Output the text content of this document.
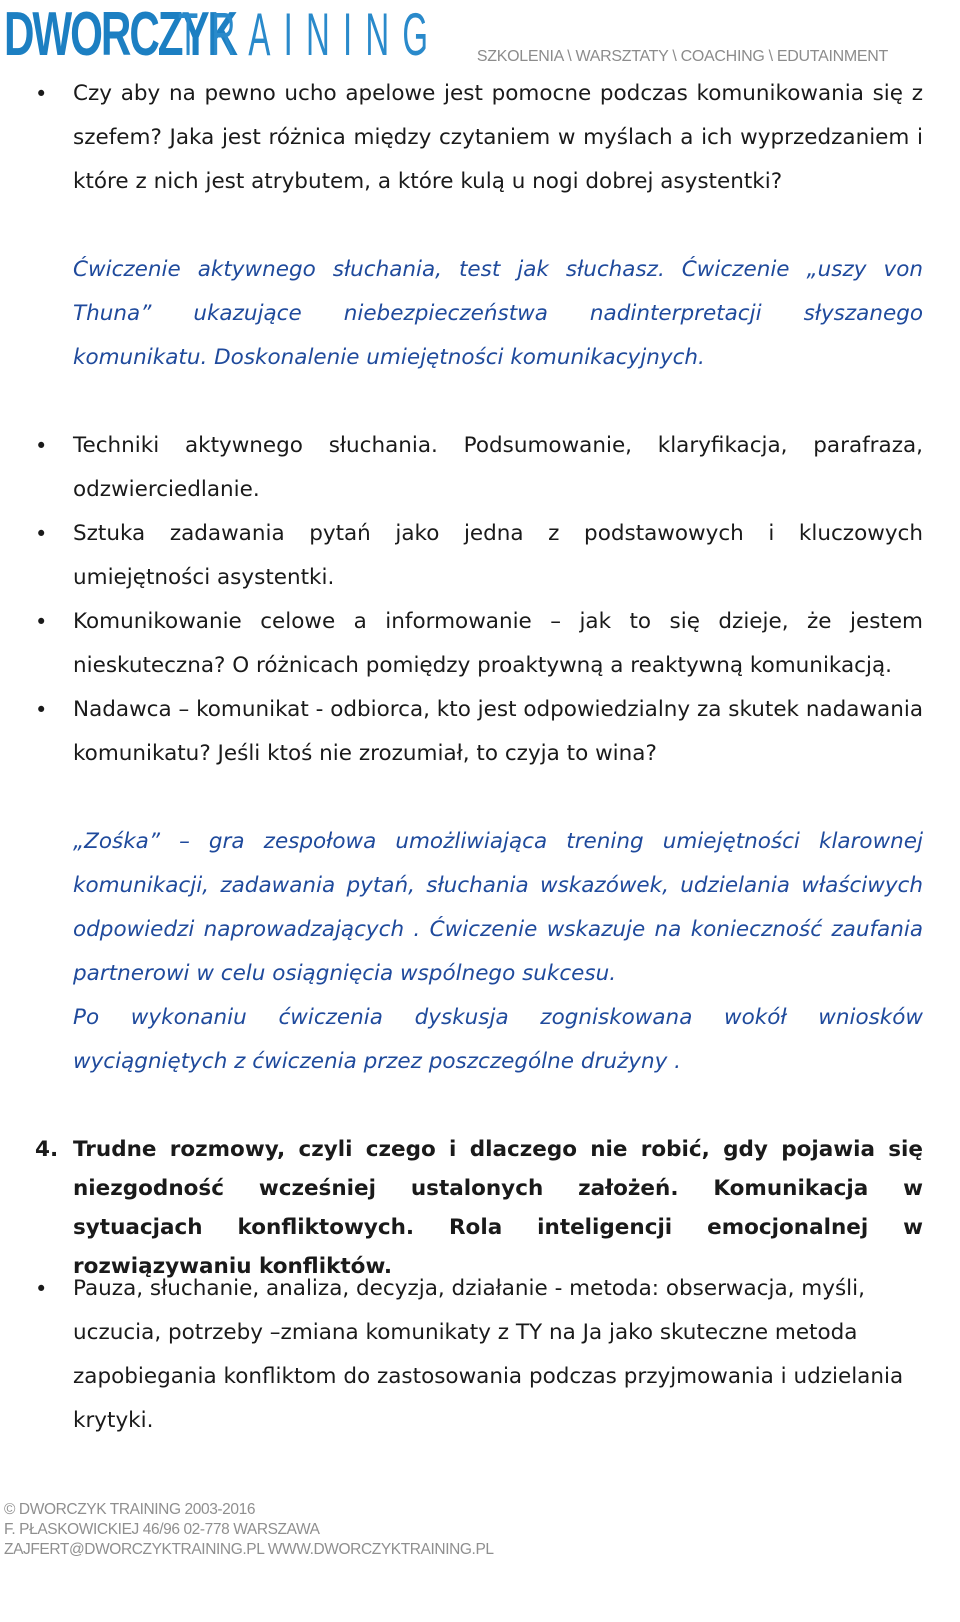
DWORCZYK
TRAINING SZKOLENIA \ WARSZTATY \ COACHING \ EDUTAINMENT
• Czy aby na pewno ucho apelowe jest pomocne podczas komunikowania się z szefem? Jaka jest różnica między czytaniem w myślach a ich wyprzedzaniem i które z nich jest atrybutem, a które kulą u nogi dobrej asystentki?
Ćwiczenie aktywnego słuchania, test jak słuchasz. Ćwiczenie „uszy von Thuna” ukazujące niebezpieczeństwa nadinterpretacji słyszanego komunikatu. Doskonalenie umiejętności komunikacyjnych.
• Techniki aktywnego słuchania. Podsumowanie, klaryfikacja, parafraza, odzwierciedlanie.
• Sztuka zadawania pytań jako jedna z podstawowych i kluczowych umiejętności asystentki.
• Komunikowanie celowe a informowanie – jak to się dzieje, że jestem nieskuteczna? O różnicach pomiędzy proaktywną a reaktywną komunikacją.
• Nadawca – komunikat - odbiorca, kto jest odpowiedzialny za skutek nadawania komunikatu? Jeśli ktoś nie zrozumiał, to czyja to wina?
„Zośka” – gra zespołowa umożliwiająca trening umiejętności klarownej komunikacji, zadawania pytań, słuchania wskazówek, udzielania właściwych odpowiedzi naprowadzających . Ćwiczenie wskazuje na konieczność zaufania partnerowi w celu osiągnięcia wspólnego sukcesu.
Po wykonaniu ćwiczenia dyskusja zogniskowana wokół wniosków wyciągniętych z ćwiczenia przez poszczególne drużyny .
4. Trudne rozmowy, czyli czego i dlaczego nie robić, gdy pojawia się niezgodność wcześniej ustalonych założeń. Komunikacja w sytuacjach konfliktowych. Rola inteligencji emocjonalnej w rozwiązywaniu konfliktów.
• Pauza, słuchanie, analiza, decyzja, działanie - metoda: obserwacja, myśli, uczucia, potrzeby –zmiana komunikaty z TY na Ja jako skuteczne metoda zapobiegania konfliktom do zastosowania podczas przyjmowania i udzielania krytyki.
© DWORCZYK TRAINING 2003-2016
F. PŁASKOWICKIEJ 46/96 02-778 WARSZAWA
ZAJFERT@DWORCZYKTRAINING.PL WWW.DWORCZYKTRAINING.PL
